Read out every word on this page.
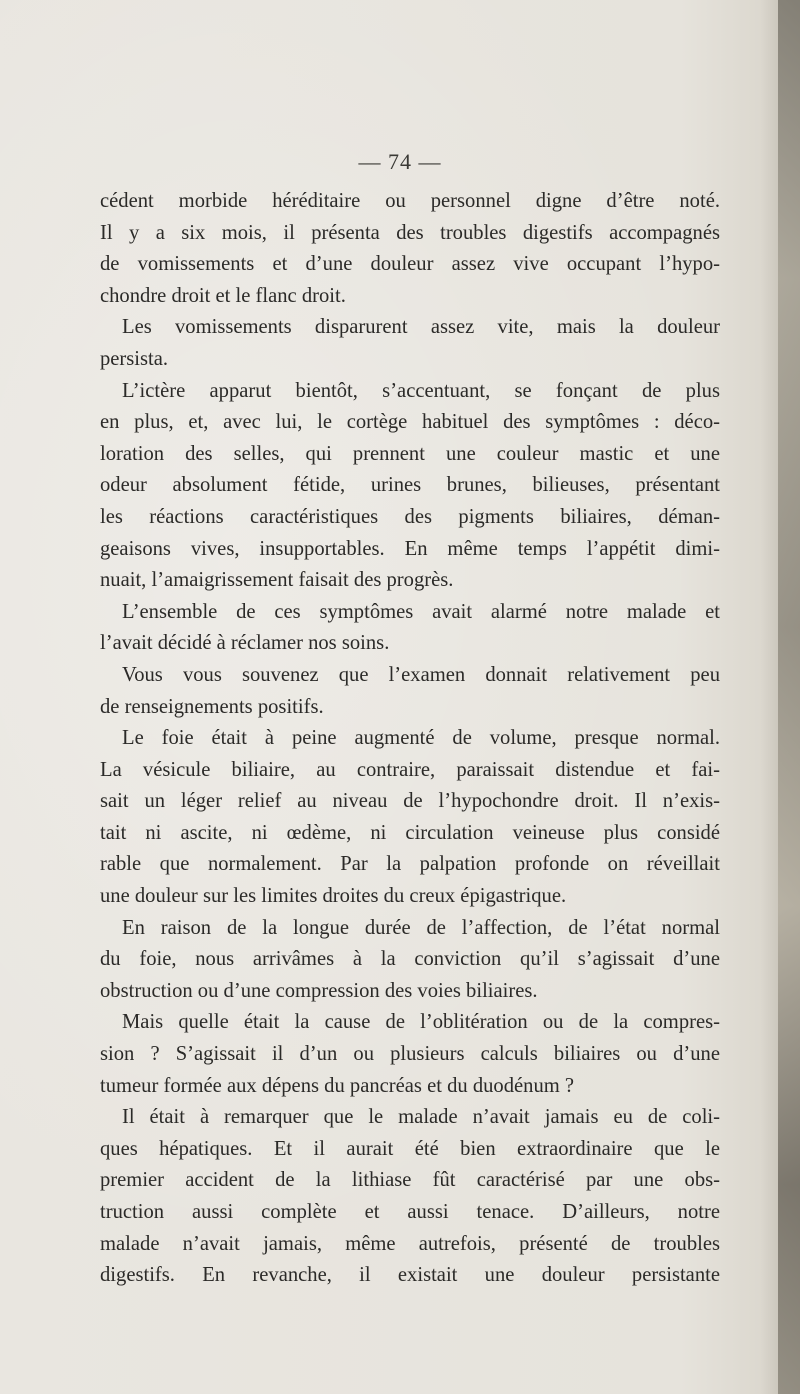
— 74 —
cédent morbide héréditaire ou personnel digne d’être noté.
Il y a six mois, il présenta des troubles digestifs accompagnés
de vomissements et d’une douleur assez vive occupant l’hypo-
chondre droit et le flanc droit.
Les vomissements disparurent assez vite, mais la douleur
persista.
L’ictère apparut bientôt, s’accentuant, se fonçant de plus
en plus, et, avec lui, le cortège habituel des symptômes : déco-
loration des selles, qui prennent une couleur mastic et une
odeur absolument fétide, urines brunes, bilieuses, présentant
les réactions caractéristiques des pigments biliaires, déman-
geaisons vives, insupportables. En même temps l’appétit dimi-
nuait, l’amaigrissement faisait des progrès.
L’ensemble de ces symptômes avait alarmé notre malade et
l’avait décidé à réclamer nos soins.
Vous vous souvenez que l’examen donnait relativement peu
de renseignements positifs.
Le foie était à peine augmenté de volume, presque normal.
La vésicule biliaire, au contraire, paraissait distendue et fai-
sait un léger relief au niveau de l’hypochondre droit. Il n’exis-
tait ni ascite, ni œdème, ni circulation veineuse plus considé
rable que normalement. Par la palpation profonde on réveillait
une douleur sur les limites droites du creux épigastrique.
En raison de la longue durée de l’affection, de l’état normal
du foie, nous arrivâmes à la conviction qu’il s’agissait d’une
obstruction ou d’une compression des voies biliaires.
Mais quelle était la cause de l’oblitération ou de la compres-
sion ? S’agissait il d’un ou plusieurs calculs biliaires ou d’une
tumeur formée aux dépens du pancréas et du duodénum ?
Il était à remarquer que le malade n’avait jamais eu de coli-
ques hépatiques. Et il aurait été bien extraordinaire que le
premier accident de la lithiase fût caractérisé par une obs-
truction aussi complète et aussi tenace. D’ailleurs, notre
malade n’avait jamais, même autrefois, présenté de troubles
digestifs. En revanche, il existait une douleur persistante
